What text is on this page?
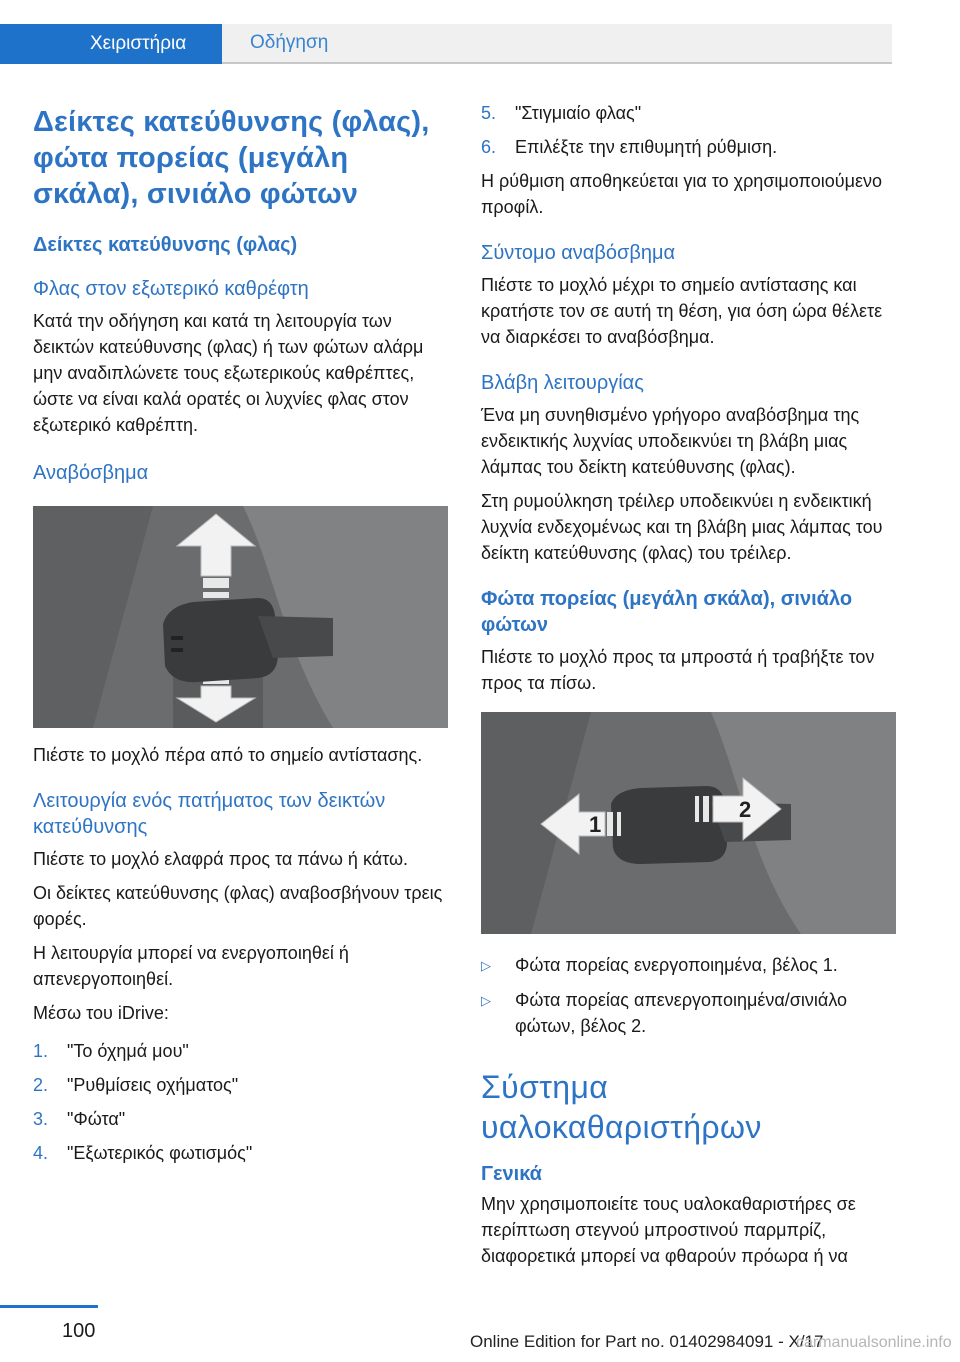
Χειριστήρια	Οδήγηση
Δείκτες κατεύθυνσης (φλας), φώτα πορείας (μεγάλη σκάλα), σινιάλο φώτων
Δείκτες κατεύθυνσης (φλας)
Φλας στον εξωτερικό καθρέφτη

Κατά την οδήγηση και κατά τη λειτουργία των δεικτών κατεύθυνσης (φλας) ή των φώτων αλάρμ μην αναδιπλώνετε τους εξωτερικούς καθρέπτες, ώστε να είναι καλά ορατές οι λυχνίες φλας στον εξωτερικό καθρέπτη.

Αναβόσβημα

Πιέστε το μοχλό πέρα από το σημείο αντίστασης.

Λειτουργία ενός πατήματος των δεικτών κατεύθυνσης

Πιέστε το μοχλό ελαφρά προς τα πάνω ή κάτω.

Οι δείκτες κατεύθυνσης (φλας) αναβοσβήνουν τρεις φορές.

Η λειτουργία μπορεί να ενεργοποιηθεί ή απενεργοποιηθεί.

Μέσω του iDrive:

1.	"Το όχημά μου"
2.	"Ρυθμίσεις οχήματος"
3.	"Φώτα"
4.	"Εξωτερικός φωτισμός"
5.	"Στιγμιαίο φλας"
6.	Επιλέξτε την επιθυμητή ρύθμιση.

Η ρύθμιση αποθηκεύεται για το χρησιμοποιούμενο προφίλ.

Σύντομο αναβόσβημα

Πιέστε το μοχλό μέχρι το σημείο αντίστασης και κρατήστε τον σε αυτή τη θέση, για όση ώρα θέλετε να διαρκέσει το αναβόσβημα.

Βλάβη λειτουργίας

Ένα μη συνηθισμένο γρήγορο αναβόσβημα της ενδεικτικής λυχνίας υποδεικνύει τη βλάβη μιας λάμπας του δείκτη κατεύθυνσης (φλας).

Στη ρυμούλκηση τρέιλερ υποδεικνύει η ενδεικτική λυχνία ενδεχομένως και τη βλάβη μιας λάμπας του δείκτη κατεύθυνσης (φλας) του τρέιλερ.

Φώτα πορείας (μεγάλη σκάλα), σινιάλο φώτων

Πιέστε το μοχλό προς τα μπροστά ή τραβήξτε τον προς τα πίσω.

1
2
▷	Φώτα πορείας ενεργοποιημένα, βέλος 1.
▷	Φώτα πορείας απενεργοποιημένα/σινιάλο φώτων, βέλος 2.
Σύστημα υαλοκαθαριστήρων
Γενικά

Μην χρησιμοποιείτε τους υαλοκαθαριστήρες σε περίπτωση στεγνού μπροστινού παρμπρίζ, διαφορετικά μπορεί να φθαρούν πρόωρα ή να

100	Online Edition for Part no. 01402984091 - X/17
carmanualsonline.info
